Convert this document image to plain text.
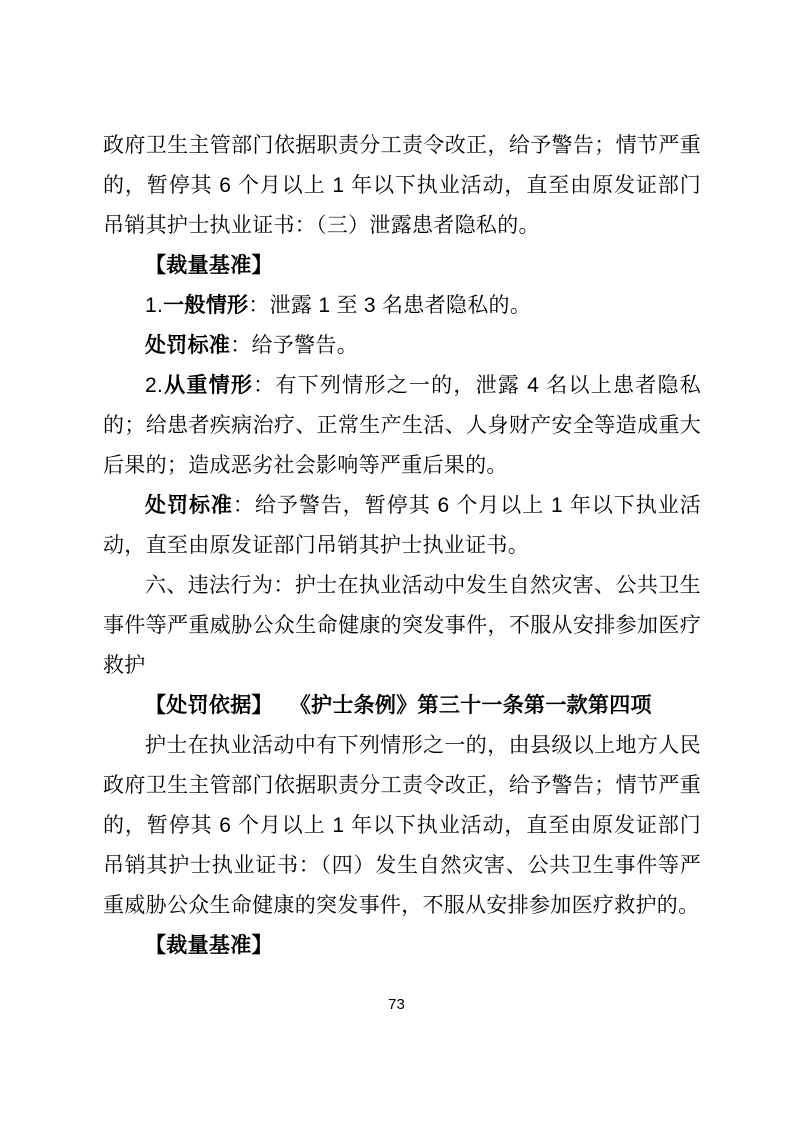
政府卫生主管部门依据职责分工责令改正，给予警告；情节严重的，暂停其 6 个月以上 1 年以下执业活动，直至由原发证部门吊销其护士执业证书：（三）泄露患者隐私的。

【裁量基准】

1.一般情形：泄露 1 至 3 名患者隐私的。

处罚标准：给予警告。

2.从重情形：有下列情形之一的，泄露 4 名以上患者隐私的；给患者疾病治疗、正常生产生活、人身财产安全等造成重大后果的；造成恶劣社会影响等严重后果的。

处罚标准：给予警告，暂停其 6 个月以上 1 年以下执业活动，直至由原发证部门吊销其护士执业证书。

六、违法行为：护士在执业活动中发生自然灾害、公共卫生事件等严重威胁公众生命健康的突发事件，不服从安排参加医疗救护

【处罚依据】　 《护士条例》第三十一条第一款第四项

护士在执业活动中有下列情形之一的，由县级以上地方人民政府卫生主管部门依据职责分工责令改正，给予警告；情节严重的，暂停其 6 个月以上 1 年以下执业活动，直至由原发证部门吊销其护士执业证书：（四）发生自然灾害、公共卫生事件等严重威胁公众生命健康的突发事件，不服从安排参加医疗救护的。

【裁量基准】

73
